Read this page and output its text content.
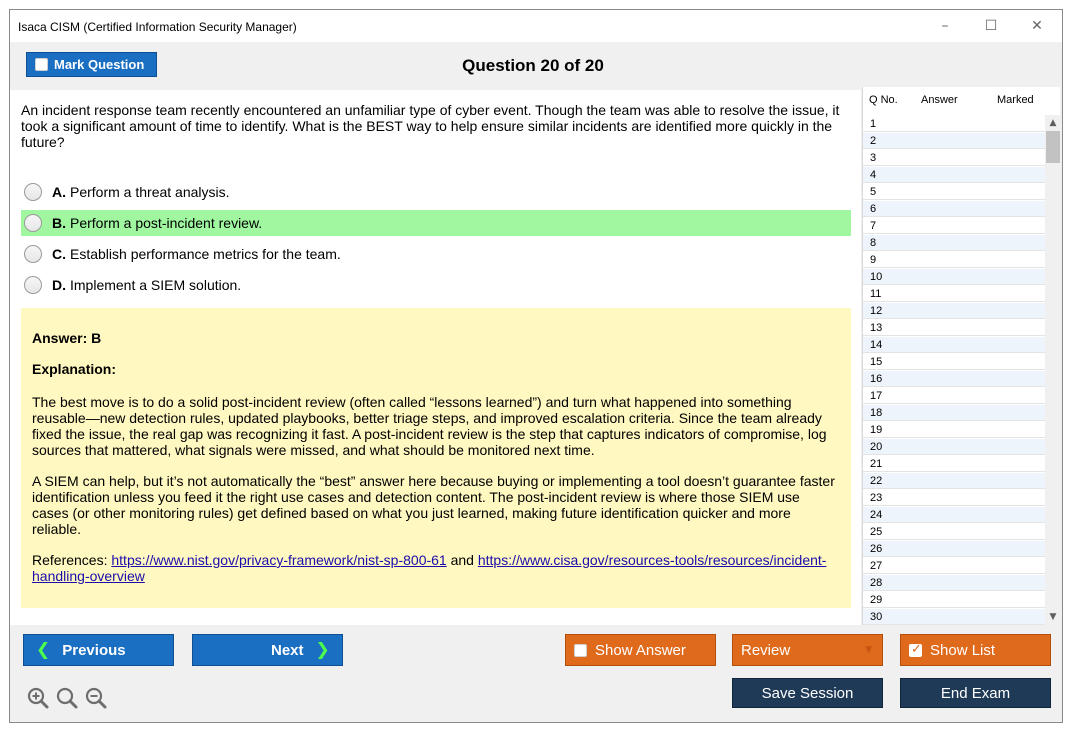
Isaca CISM (Certified Information Security Manager)	–	☐	✕
Mark Question	Question 20 of 20
An incident response team recently encountered an unfamiliar type of cyber event. Though the team was able to resolve the issue, it took a significant amount of time to identify. What is the BEST way to help ensure similar incidents are identified more quickly in the future?
A. Perform a threat analysis.
B. Perform a post-incident review.
C. Establish performance metrics for the team.
D. Implement a SIEM solution.
Answer: B
Explanation:
The best move is to do a solid post-incident review (often called “lessons learned”) and turn what happened into something reusable—new detection rules, updated playbooks, better triage steps, and improved escalation criteria. Since the team already fixed the issue, the real gap was recognizing it fast. A post-incident review is the step that captures indicators of compromise, log sources that mattered, what signals were missed, and what should be monitored next time.
A SIEM can help, but it’s not automatically the “best” answer here because buying or implementing a tool doesn’t guarantee faster identification unless you feed it the right use cases and detection content. The post-incident review is where those SIEM use cases (or other monitoring rules) get defined based on what you just learned, making future identification quicker and more reliable.
References: https://www.nist.gov/privacy-framework/nist-sp-800-61 and https://www.cisa.gov/resources-tools/resources/incident-handling-overview
Q No. Answer	Marked
1
2
3
4
5
6
7
8
9
10
11
12
13
14
15
16
17
18
19
20
21
22
23
24
25
26
27
28
29
30
▲
▼
❮ Previous	Next ❯	Show Answer	Review	▼
✓	Show List
Save Session	End Exam
